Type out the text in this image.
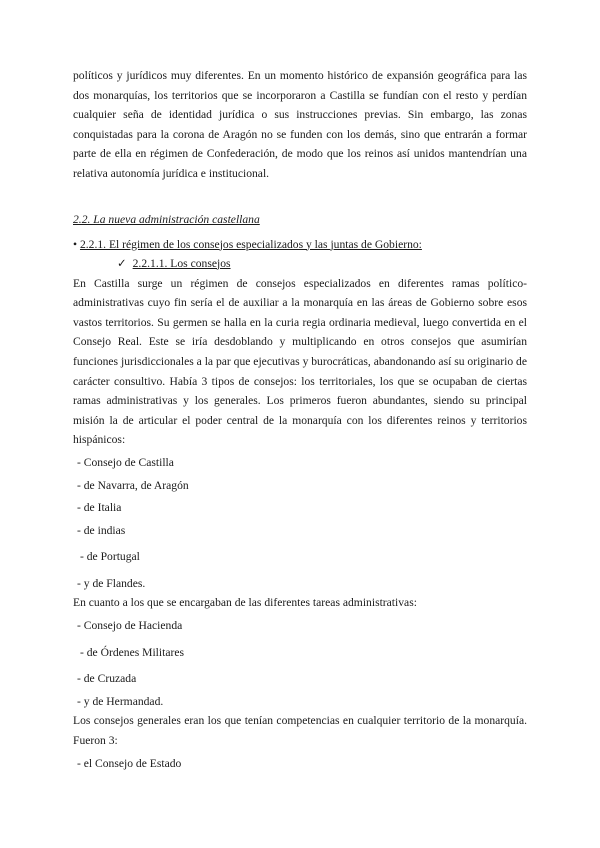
políticos y jurídicos muy diferentes. En un momento histórico de expansión geográfica para las dos monarquías, los territorios que se incorporaron a Castilla se fundían con el resto y perdían cualquier seña de identidad jurídica o sus instrucciones previas. Sin embargo, las zonas conquistadas para la corona de Aragón no se funden con los demás, sino que entrarán a formar parte de ella en régimen de Confederación, de modo que los reinos así unidos mantendrían una relativa autonomía jurídica e institucional.

2.2. La nueva administración castellana

• 2.2.1. El régimen de los consejos especializados y las juntas de Gobierno:
✓ 2.2.1.1. Los consejos

En Castilla surge un régimen de consejos especializados en diferentes ramas político-administrativas cuyo fin sería el de auxiliar a la monarquía en las áreas de Gobierno sobre esos vastos territorios. Su germen se halla en la curia regia ordinaria medieval, luego convertida en el Consejo Real. Este se iría desdoblando y multiplicando en otros consejos que asumirían funciones jurisdiccionales a la par que ejecutivas y burocráticas, abandonando así su originario de carácter consultivo. Había 3 tipos de consejos: los territoriales, los que se ocupaban de ciertas ramas administrativas y los generales. Los primeros fueron abundantes, siendo su principal misión la de articular el poder central de la monarquía con los diferentes reinos y territorios hispánicos:

- Consejo de Castilla
- de Navarra, de Aragón
- de Italia
- de indias
- de Portugal
- y de Flandes.

En cuanto a los que se encargaban de las diferentes tareas administrativas:

- Consejo de Hacienda
- de Órdenes Militares
- de Cruzada
- y de Hermandad.

Los consejos generales eran los que tenían competencias en cualquier territorio de la monarquía. Fueron 3:

- el Consejo de Estado
